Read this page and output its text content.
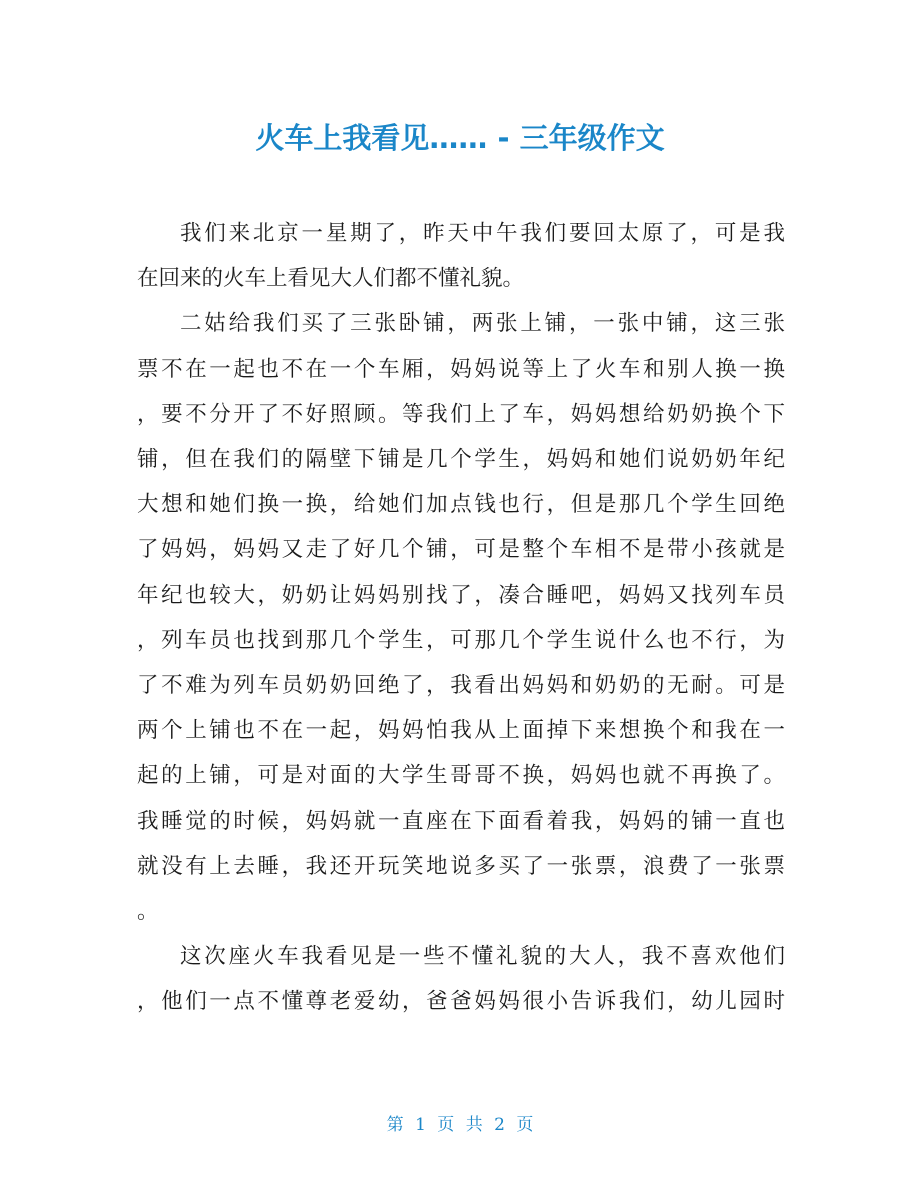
火车上我看见…… - 三年级作文
我们来北京一星期了，昨天中午我们要回太原了，可是我
在回来的火车上看见大人们都不懂礼貌。
二姑给我们买了三张卧铺，两张上铺，一张中铺，这三张
票不在一起也不在一个车厢，妈妈说等上了火车和别人换一换
，要不分开了不好照顾。等我们上了车，妈妈想给奶奶换个下
铺，但在我们的隔壁下铺是几个学生，妈妈和她们说奶奶年纪
大想和她们换一换，给她们加点钱也行，但是那几个学生回绝
了妈妈，妈妈又走了好几个铺，可是整个车相不是带小孩就是
年纪也较大，奶奶让妈妈别找了，凑合睡吧，妈妈又找列车员
，列车员也找到那几个学生，可那几个学生说什么也不行，为
了不难为列车员奶奶回绝了，我看出妈妈和奶奶的无耐。可是
两个上铺也不在一起，妈妈怕我从上面掉下来想换个和我在一
起的上铺，可是对面的大学生哥哥不换，妈妈也就不再换了。
我睡觉的时候，妈妈就一直座在下面看着我，妈妈的铺一直也
就没有上去睡，我还开玩笑地说多买了一张票，浪费了一张票
。
这次座火车我看见是一些不懂礼貌的大人，我不喜欢他们
，他们一点不懂尊老爱幼，爸爸妈妈很小告诉我们，幼儿园时
第 1 页 共 2 页
